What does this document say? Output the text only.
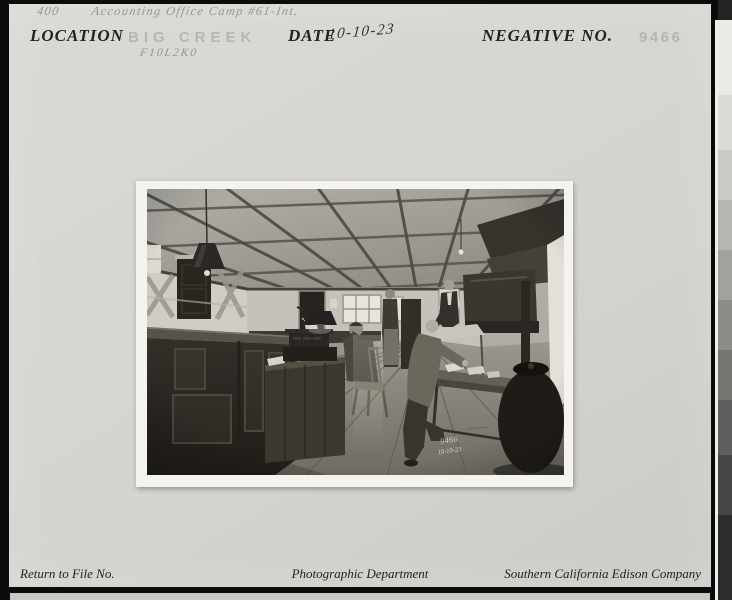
400 Accounting Office Camp #61-Int.
LOCATION BIG CREEK
F10L2K0
DATE
10-10-23	NEGATIVE NO. 9466
Return to File No.	Photographic Department	Southern California Edison Company
9466
10-10-23
